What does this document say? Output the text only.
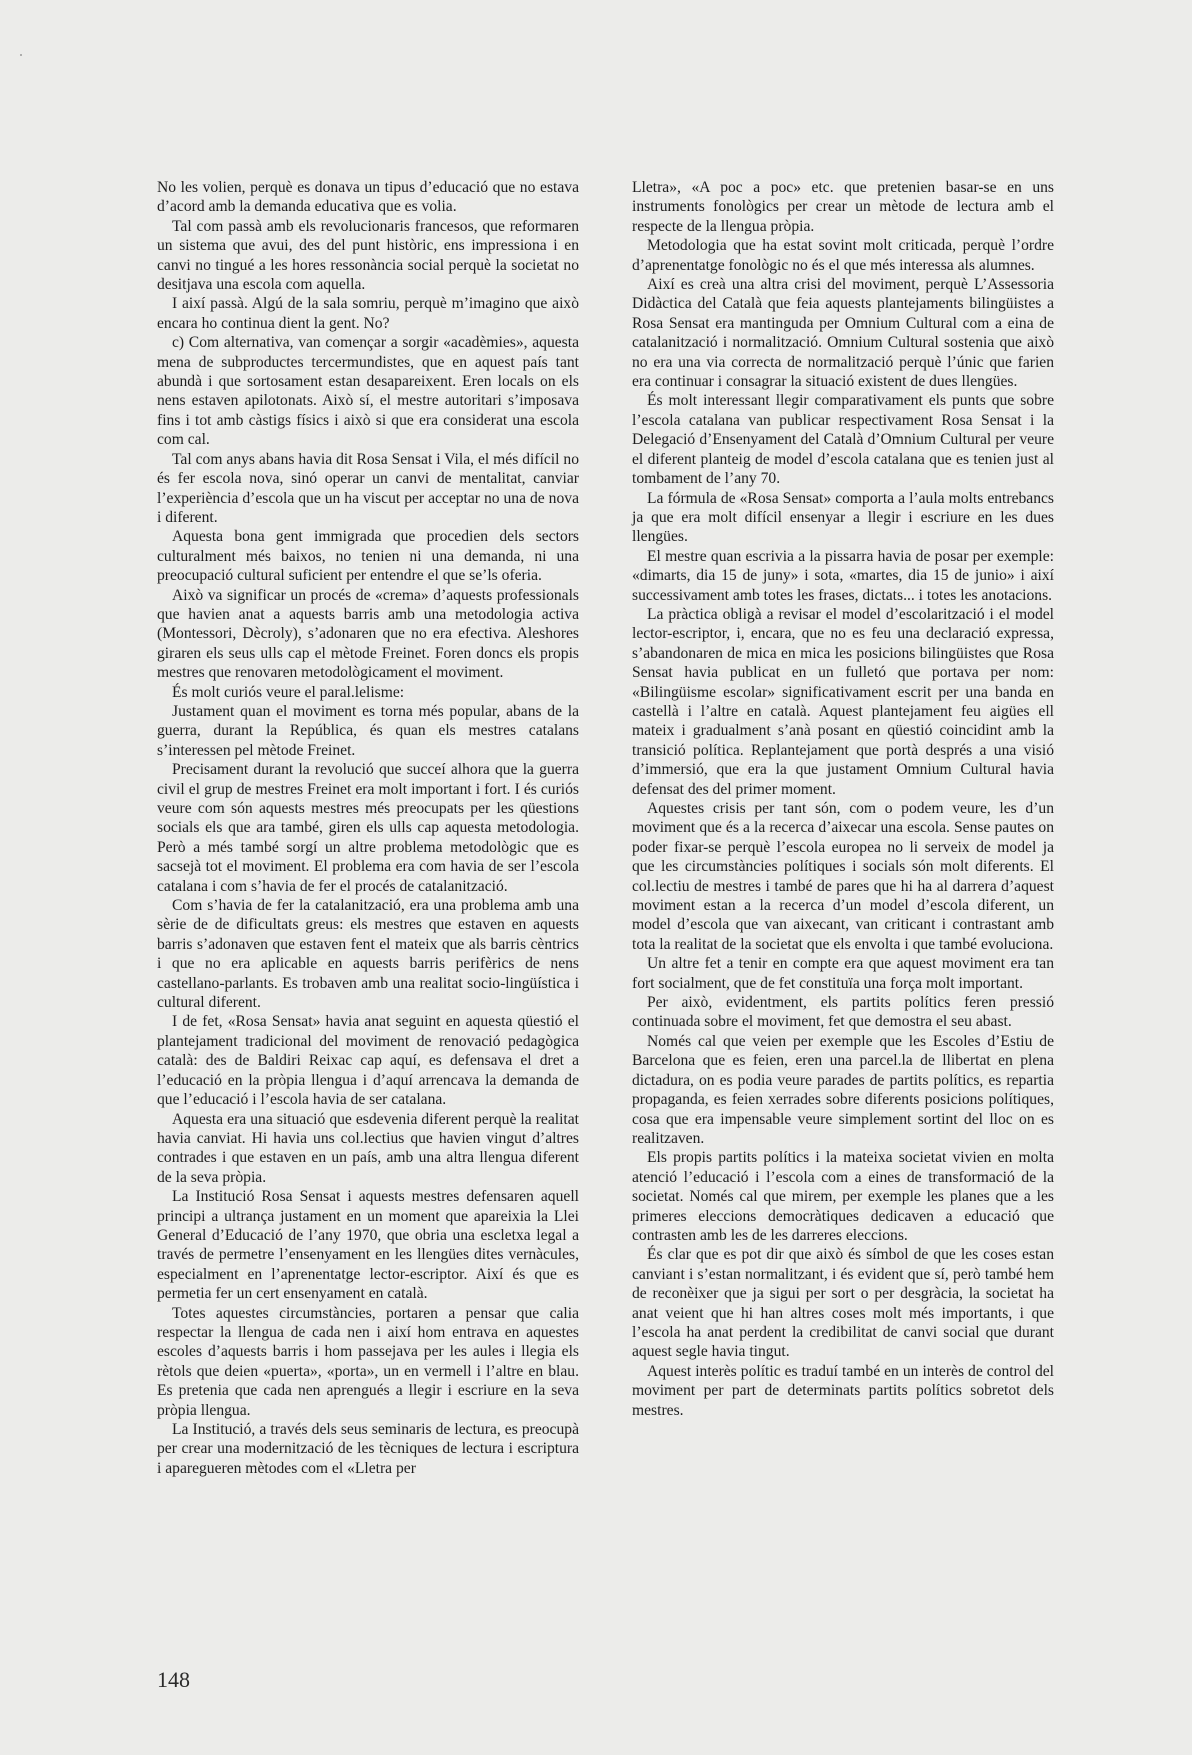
No les volien, perquè es donava un tipus d’educació que no estava d’acord amb la demanda educativa que es volia.

Tal com passà amb els revolucionaris francesos, que reformaren un sistema que avui, des del punt històric, ens impressiona i en canvi no tingué a les hores ressonància social perquè la societat no desitjava una escola com aquella.

I així passà. Algú de la sala somriu, perquè m’imagino que això encara ho continua dient la gent. No?

c) Com alternativa, van començar a sorgir «acadèmies», aquesta mena de subproductes tercermundistes, que en aquest país tant abundà i que sortosament estan desapareixent. Eren locals on els nens estaven apilotonats. Això sí, el mestre autoritari s’imposava fins i tot amb càstigs físics i això si que era considerat una escola com cal.

Tal com anys abans havia dit Rosa Sensat i Vila, el més difícil no és fer escola nova, sinó operar un canvi de mentalitat, canviar l’experiència d’escola que un ha viscut per acceptar no una de nova i diferent.

Aquesta bona gent immigrada que procedien dels sectors culturalment més baixos, no tenien ni una demanda, ni una preocupació cultural suficient per entendre el que se’ls oferia.

Això va significar un procés de «crema» d’aquests professionals que havien anat a aquests barris amb una metodologia activa (Montessori, Dècroly), s’adonaren que no era efectiva. Aleshores giraren els seus ulls cap el mètode Freinet. Foren doncs els propis mestres que renovaren metodològicament el moviment.

És molt curiós veure el paral.lelisme:

Justament quan el moviment es torna més popular, abans de la guerra, durant la República, és quan els mestres catalans s’interessen pel mètode Freinet.

Precisament durant la revolució que succeí alhora que la guerra civil el grup de mestres Freinet era molt important i fort. I és curiós veure com són aquests mestres més preocupats per les qüestions socials els que ara també, giren els ulls cap aquesta metodologia. Però a més també sorgí un altre problema metodològic que es sacsejà tot el moviment. El problema era com havia de ser l’escola catalana i com s’havia de fer el procés de catalanització.

Com s’havia de fer la catalanització, era una problema amb una sèrie de de dificultats greus: els mestres que estaven en aquests barris s’adonaven que estaven fent el mateix que als barris cèntrics i que no era aplicable en aquests barris perifèrics de nens castellano-parlants. Es trobaven amb una realitat socio-lingüística i cultural diferent.

I de fet, «Rosa Sensat» havia anat seguint en aquesta qüestió el plantejament tradicional del moviment de renovació pedagògica català: des de Baldiri Reixac cap aquí, es defensava el dret a l’educació en la pròpia llengua i d’aquí arrencava la demanda de que l’educació i l’escola havia de ser catalana.

Aquesta era una situació que esdevenia diferent perquè la realitat havia canviat. Hi havia uns col.lectius que havien vingut d’altres contrades i que estaven en un país, amb una altra llengua diferent de la seva pròpia.

La Institució Rosa Sensat i aquests mestres defensaren aquell principi a ultrança justament en un moment que apareixia la Llei General d’Educació de l’any 1970, que obria una escletxa legal a través de permetre l’ensenyament en les llengües dites vernàcules, especialment en l’aprenentatge lector-escriptor. Així és que es permetia fer un cert ensenyament en català.

Totes aquestes circumstàncies, portaren a pensar que calia respectar la llengua de cada nen i així hom entrava en aquestes escoles d’aquests barris i hom passejava per les aules i llegia els rètols que deien «puerta», «porta», un en vermell i l’altre en blau. Es pretenia que cada nen aprengués a llegir i escriure en la seva pròpia llengua.

La Institució, a través dels seus seminaris de lectura, es preocupà per crear una modernització de les tècniques de lectura i escriptura i aparegueren mètodes com el «Lletra per

Lletra», «A poc a poc» etc. que pretenien basar-se en uns instruments fonològics per crear un mètode de lectura amb el respecte de la llengua pròpia.

Metodologia que ha estat sovint molt criticada, perquè l’ordre d’aprenentatge fonològic no és el que més interessa als alumnes.

Així es creà una altra crisi del moviment, perquè L’Assessoria Didàctica del Català que feia aquests plantejaments bilingüistes a Rosa Sensat era mantinguda per Omnium Cultural com a eina de catalanització i normalització. Omnium Cultural sostenia que això no era una via correcta de normalització perquè l’únic que farien era continuar i consagrar la situació existent de dues llengües.

És molt interessant llegir comparativament els punts que sobre l’escola catalana van publicar respectivament Rosa Sensat i la Delegació d’Ensenyament del Català d’Omnium Cultural per veure el diferent planteig de model d’escola catalana que es tenien just al tombament de l’any 70.

La fórmula de «Rosa Sensat» comporta a l’aula molts entrebancs ja que era molt difícil ensenyar a llegir i escriure en les dues llengües.

El mestre quan escrivia a la pissarra havia de posar per exemple: «dimarts, dia 15 de juny» i sota, «martes, dia 15 de junio» i així successivament amb totes les frases, dictats... i totes les anotacions.

La pràctica obligà a revisar el model d’escolarització i el model lector-escriptor, i, encara, que no es feu una declaració expressa, s’abandonaren de mica en mica les posicions bilingüistes que Rosa Sensat havia publicat en un fulletó que portava per nom: «Bilingüisme escolar» significativament escrit per una banda en castellà i l’altre en català. Aquest plantejament feu aigües ell mateix i gradualment s’anà posant en qüestió coincidint amb la transició política. Replantejament que portà després a una visió d’immersió, que era la que justament Omnium Cultural havia defensat des del primer moment.

Aquestes crisis per tant són, com o podem veure, les d’un moviment que és a la recerca d’aixecar una escola. Sense pautes on poder fixar-se perquè l’escola europea no li serveix de model ja que les circumstàncies polítiques i socials són molt diferents. El col.lectiu de mestres i també de pares que hi ha al darrera d’aquest moviment estan a la recerca d’un model d’escola diferent, un model d’escola que van aixecant, van criticant i contrastant amb tota la realitat de la societat que els envolta i que també evoluciona.

Un altre fet a tenir en compte era que aquest moviment era tan fort socialment, que de fet constituïa una força molt important.

Per això, evidentment, els partits polítics feren pressió continuada sobre el moviment, fet que demostra el seu abast.

Només cal que veien per exemple que les Escoles d’Estiu de Barcelona que es feien, eren una parcel.la de llibertat en plena dictadura, on es podia veure parades de partits polítics, es repartia propaganda, es feien xerrades sobre diferents posicions polítiques, cosa que era impensable veure simplement sortint del lloc on es realitzaven.

Els propis partits polítics i la mateixa societat vivien en molta atenció l’educació i l’escola com a eines de transformació de la societat. Només cal que mirem, per exemple les planes que a les primeres eleccions democràtiques dedicaven a educació que contrasten amb les de les darreres eleccions.

És clar que es pot dir que això és símbol de que les coses estan canviant i s’estan normalitzant, i és evident que sí, però també hem de reconèixer que ja sigui per sort o per desgràcia, la societat ha anat veient que hi han altres coses molt més importants, i que l’escola ha anat perdent la credibilitat de canvi social que durant aquest segle havia tingut.

Aquest interès polític es traduí també en un interès de control del moviment per part de determinats partits polítics sobretot dels mestres.

148
